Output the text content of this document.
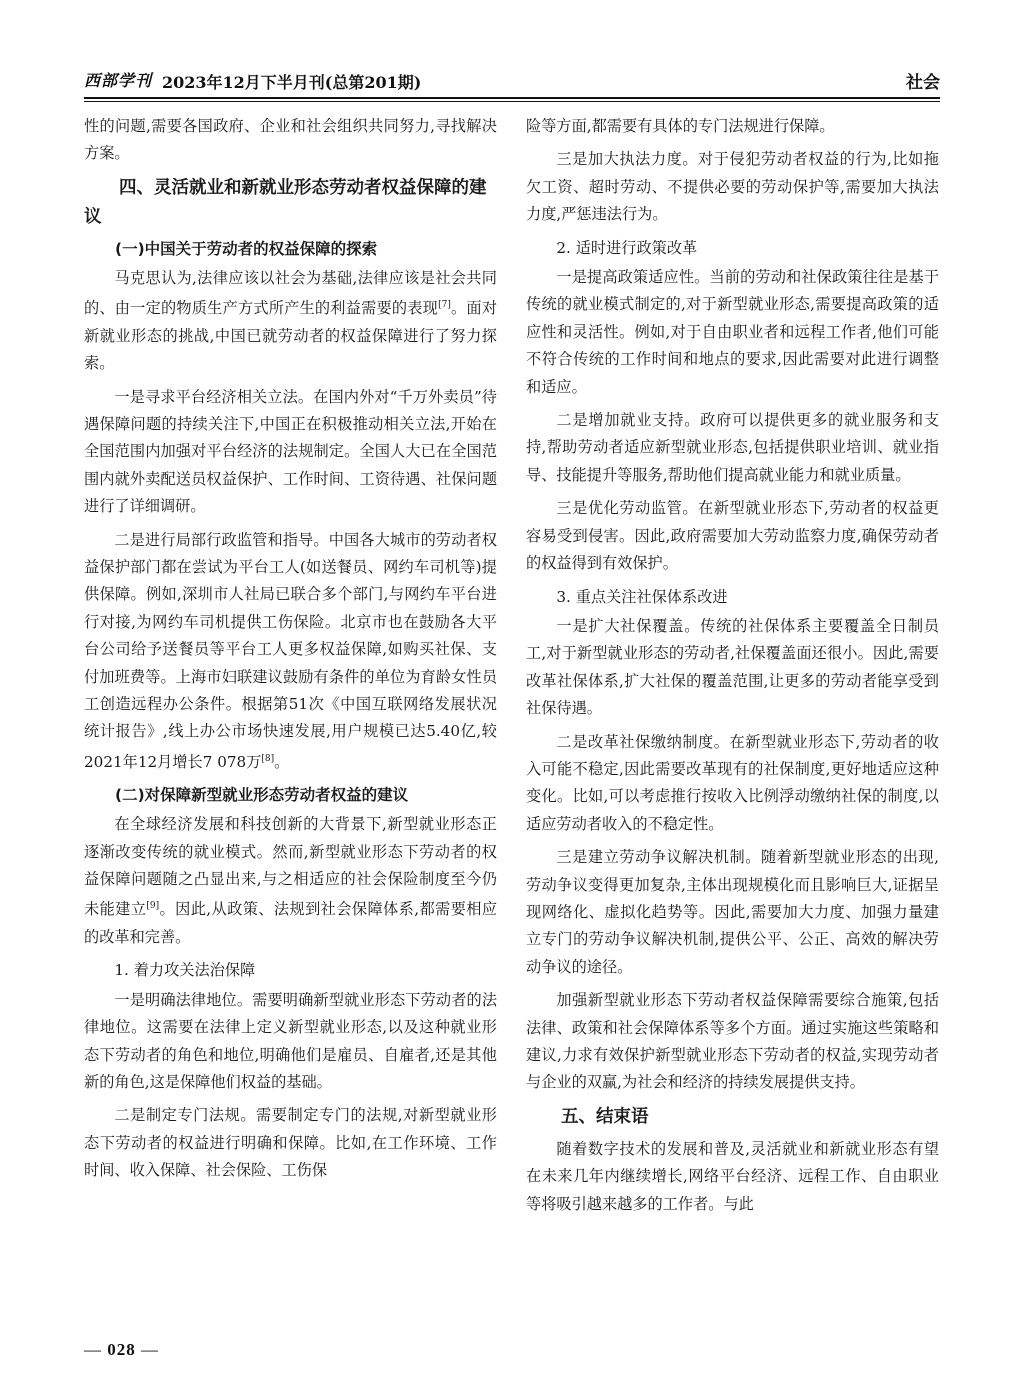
西部学刊 2023年12月下半月刊(总第201期)	社会

性的问题,需要各国政府、企业和社会组织共同努力,寻找解决方案。

四、灵活就业和新就业形态劳动者权益保障的建议
(一)中国关于劳动者的权益保障的探索

马克思认为,法律应该以社会为基础,法律应该是社会共同的、由一定的物质生产方式所产生的利益需要的表现[7]。面对新就业形态的挑战,中国已就劳动者的权益保障进行了努力探索。

一是寻求平台经济相关立法。在国内外对“千万外卖员”待遇保障问题的持续关注下,中国正在积极推动相关立法,开始在全国范围内加强对平台经济的法规制定。全国人大已在全国范围内就外卖配送员权益保护、工作时间、工资待遇、社保问题进行了详细调研。

二是进行局部行政监管和指导。中国各大城市的劳动者权益保护部门都在尝试为平台工人(如送餐员、网约车司机等)提供保障。例如,深圳市人社局已联合多个部门,与网约车平台进行对接,为网约车司机提供工伤保险。北京市也在鼓励各大平台公司给予送餐员等平台工人更多权益保障,如购买社保、支付加班费等。上海市妇联建议鼓励有条件的单位为育龄女性员工创造远程办公条件。根据第51次《中国互联网络发展状况统计报告》,线上办公市场快速发展,用户规模已达5.40亿,较2021年12月增长7 078万[8]。

(二)对保障新型就业形态劳动者权益的建议

在全球经济发展和科技创新的大背景下,新型就业形态正逐渐改变传统的就业模式。然而,新型就业形态下劳动者的权益保障问题随之凸显出来,与之相适应的社会保险制度至今仍未能建立[9]。因此,从政策、法规到社会保障体系,都需要相应的改革和完善。

1. 着力攻关法治保障

一是明确法律地位。需要明确新型就业形态下劳动者的法律地位。这需要在法律上定义新型就业形态,以及这种就业形态下劳动者的角色和地位,明确他们是雇员、自雇者,还是其他新的角色,这是保障他们权益的基础。

二是制定专门法规。需要制定专门的法规,对新型就业形态下劳动者的权益进行明确和保障。比如,在工作环境、工作时间、收入保障、社会保险、工伤保

险等方面,都需要有具体的专门法规进行保障。

三是加大执法力度。对于侵犯劳动者权益的行为,比如拖欠工资、超时劳动、不提供必要的劳动保护等,需要加大执法力度,严惩违法行为。

2. 适时进行政策改革

一是提高政策适应性。当前的劳动和社保政策往往是基于传统的就业模式制定的,对于新型就业形态,需要提高政策的适应性和灵活性。例如,对于自由职业者和远程工作者,他们可能不符合传统的工作时间和地点的要求,因此需要对此进行调整和适应。

二是增加就业支持。政府可以提供更多的就业服务和支持,帮助劳动者适应新型就业形态,包括提供职业培训、就业指导、技能提升等服务,帮助他们提高就业能力和就业质量。

三是优化劳动监管。在新型就业形态下,劳动者的权益更容易受到侵害。因此,政府需要加大劳动监察力度,确保劳动者的权益得到有效保护。

3. 重点关注社保体系改进

一是扩大社保覆盖。传统的社保体系主要覆盖全日制员工,对于新型就业形态的劳动者,社保覆盖面还很小。因此,需要改革社保体系,扩大社保的覆盖范围,让更多的劳动者能享受到社保待遇。

二是改革社保缴纳制度。在新型就业形态下,劳动者的收入可能不稳定,因此需要改革现有的社保制度,更好地适应这种变化。比如,可以考虑推行按收入比例浮动缴纳社保的制度,以适应劳动者收入的不稳定性。

三是建立劳动争议解决机制。随着新型就业形态的出现,劳动争议变得更加复杂,主体出现规模化而且影响巨大,证据呈现网络化、虚拟化趋势等。因此,需要加大力度、加强力量建立专门的劳动争议解决机制,提供公平、公正、高效的解决劳动争议的途径。

加强新型就业形态下劳动者权益保障需要综合施策,包括法律、政策和社会保障体系等多个方面。通过实施这些策略和建议,力求有效保护新型就业形态下劳动者的权益,实现劳动者与企业的双赢,为社会和经济的持续发展提供支持。

五、结束语

随着数字技术的发展和普及,灵活就业和新就业形态有望在未来几年内继续增长,网络平台经济、远程工作、自由职业等将吸引越来越多的工作者。与此

— 028 —
